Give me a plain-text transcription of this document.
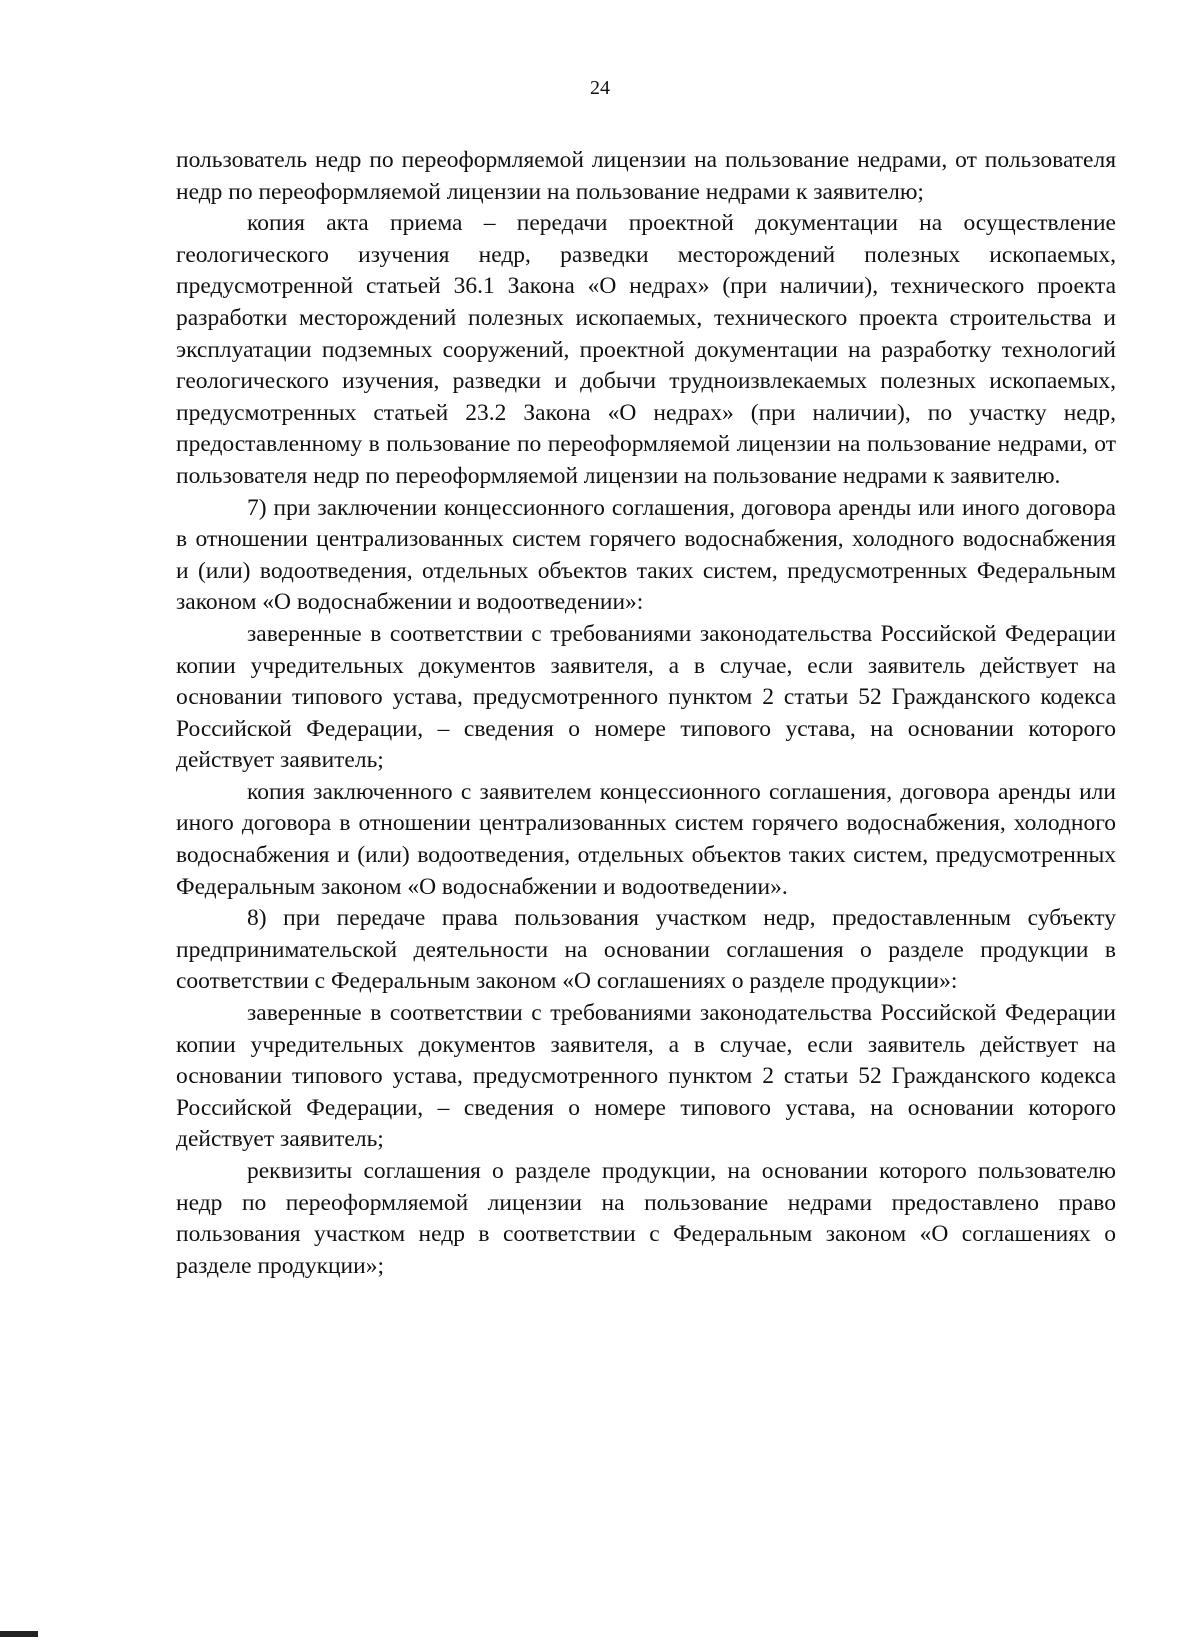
24

пользователь недр по переоформляемой лицензии на пользование недрами, от пользователя недр по переоформляемой лицензии на пользование недрами к заявителю;

копия акта приема – передачи проектной документации на осуществление геологического изучения недр, разведки месторождений полезных ископаемых, предусмотренной статьей 36.1 Закона «О недрах» (при наличии), технического проекта разработки месторождений полезных ископаемых, технического проекта строительства и эксплуатации подземных сооружений, проектной документации на разработку технологий геологического изучения, разведки и добычи трудноизвлекаемых полезных ископаемых, предусмотренных статьей 23.2 Закона «О недрах» (при наличии), по участку недр, предоставленному в пользование по переоформляемой лицензии на пользование недрами, от пользователя недр по переоформляемой лицензии на пользование недрами к заявителю.

7) при заключении концессионного соглашения, договора аренды или иного договора в отношении централизованных систем горячего водоснабжения, холодного водоснабжения и (или) водоотведения, отдельных объектов таких систем, предусмотренных Федеральным законом «О водоснабжении и водоотведении»:

заверенные в соответствии с требованиями законодательства Российской Федерации копии учредительных документов заявителя, а в случае, если заявитель действует на основании типового устава, предусмотренного пунктом 2 статьи 52 Гражданского кодекса Российской Федерации, – сведения о номере типового устава, на основании которого действует заявитель;

копия заключенного с заявителем концессионного соглашения, договора аренды или иного договора в отношении централизованных систем горячего водоснабжения, холодного водоснабжения и (или) водоотведения, отдельных объектов таких систем, предусмотренных Федеральным законом «О водоснабжении и водоотведении».

8) при передаче права пользования участком недр, предоставленным субъекту предпринимательской деятельности на основании соглашения о разделе продукции в соответствии с Федеральным законом «О соглашениях о разделе продукции»:

заверенные в соответствии с требованиями законодательства Российской Федерации копии учредительных документов заявителя, а в случае, если заявитель действует на основании типового устава, предусмотренного пунктом 2 статьи 52 Гражданского кодекса Российской Федерации, – сведения о номере типового устава, на основании которого действует заявитель;

реквизиты соглашения о разделе продукции, на основании которого пользователю недр по переоформляемой лицензии на пользование недрами предоставлено право пользования участком недр в соответствии с Федеральным законом «О соглашениях о разделе продукции»;
